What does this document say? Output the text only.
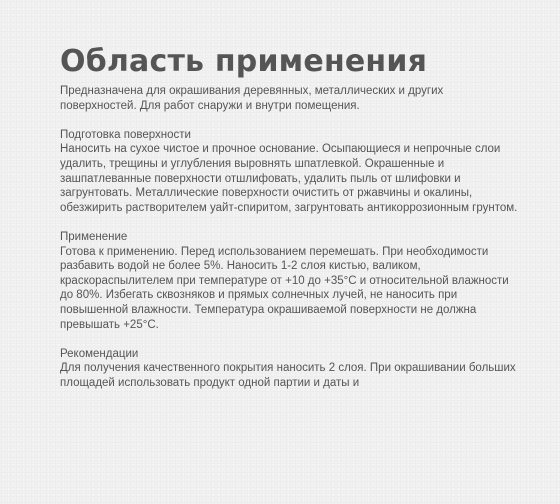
Область применения

Предназначена для окрашивания деревянных, металлических и других поверхностей. Для работ снаружи и внутри помещения.

Подготовка поверхности

Наносить на сухое чистое и прочное основание. Осыпающиеся и непрочные слои удалить, трещины и углубления выровнять шпатлевкой. Окрашенные и зашпатлеванные поверхности отшлифовать, удалить пыль от шлифовки и загрунтовать. Металлические поверхности очистить от ржавчины и окалины, обезжирить растворителем уайт-спиритом, загрунтовать антикоррозионным грунтом.

Применение

Готова к применению. Перед использованием перемешать. При необходимости разбавить водой не более 5%. Наносить 1-2 слоя кистью, валиком, краскораспылителем при температуре от +10 до +35°С и относительной влажности до 80%. Избегать сквозняков и прямых солнечных лучей, не наносить при повышенной влажности. Температура окрашиваемой поверхности не должна превышать +25°С.

Рекомендации

Для получения качественного покрытия наносить 2 слоя. При окрашивании больших площадей использовать продукт одной партии и даты и
